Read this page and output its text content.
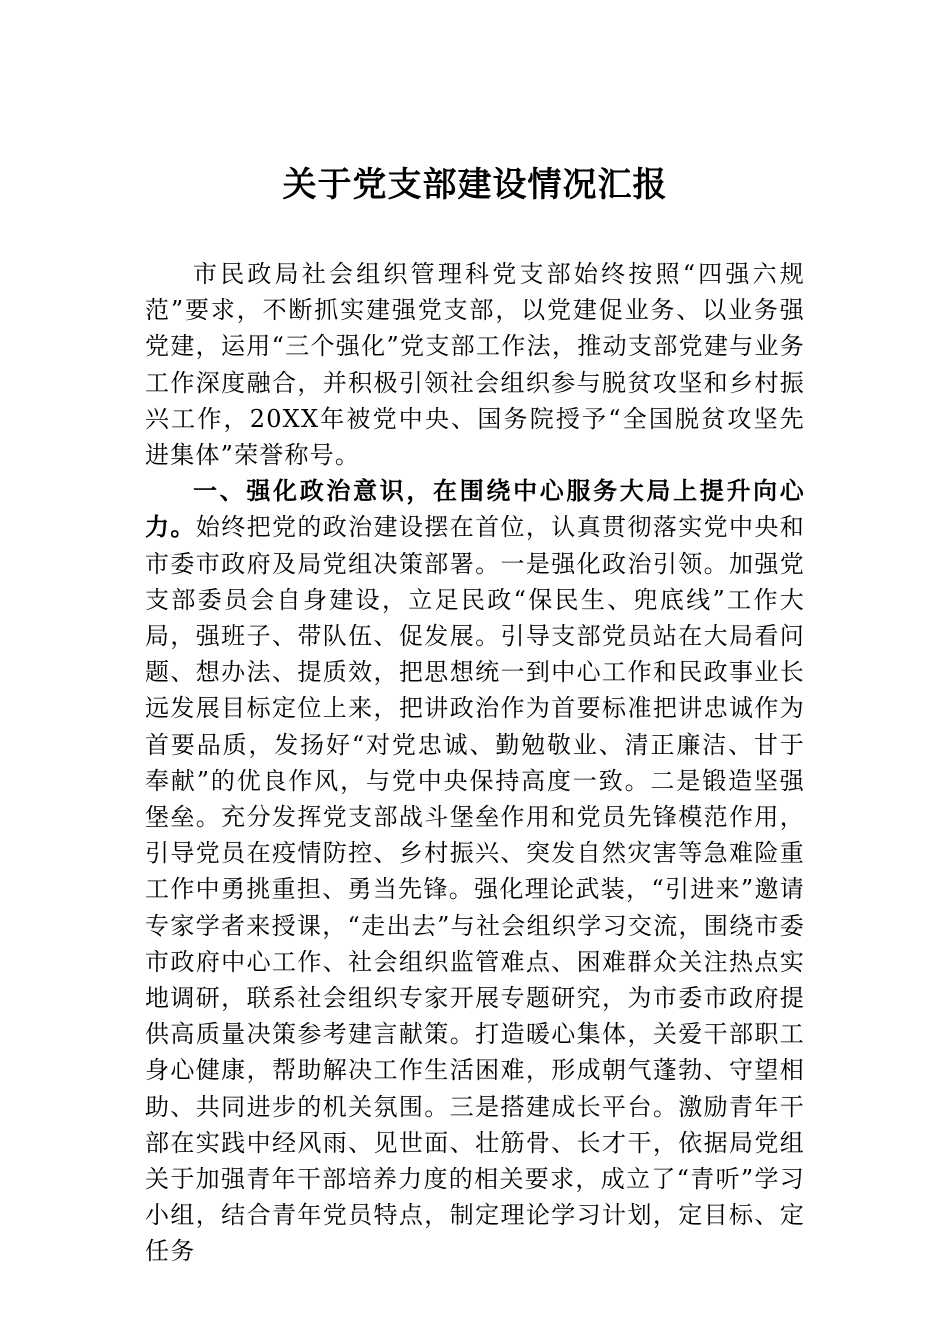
关于党支部建设情况汇报

市民政局社会组织管理科党支部始终按照“四强六规范”要求，不断抓实建强党支部，以党建促业务、以业务强党建，运用“三个强化”党支部工作法，推动支部党建与业务工作深度融合，并积极引领社会组织参与脱贫攻坚和乡村振兴工作，20XX年被党中央、国务院授予“全国脱贫攻坚先进集体”荣誉称号。

一、强化政治意识，在围绕中心服务大局上提升向心力。始终把党的政治建设摆在首位，认真贯彻落实党中央和市委市政府及局党组决策部署。一是强化政治引领。加强党支部委员会自身建设，立足民政“保民生、兜底线”工作大局，强班子、带队伍、促发展。引导支部党员站在大局看问题、想办法、提质效，把思想统一到中心工作和民政事业长远发展目标定位上来，把讲政治作为首要标准把讲忠诚作为首要品质，发扬好“对党忠诚、勤勉敬业、清正廉洁、甘于奉献”的优良作风，与党中央保持高度一致。二是锻造坚强堡垒。充分发挥党支部战斗堡垒作用和党员先锋模范作用，引导党员在疫情防控、乡村振兴、突发自然灾害等急难险重工作中勇挑重担、勇当先锋。强化理论武装，“引进来”邀请专家学者来授课，“走出去”与社会组织学习交流，围绕市委市政府中心工作、社会组织监管难点、困难群众关注热点实地调研，联系社会组织专家开展专题研究，为市委市政府提供高质量决策参考建言献策。打造暖心集体，关爱干部职工身心健康，帮助解决工作生活困难，形成朝气蓬勃、守望相助、共同进步的机关氛围。三是搭建成长平台。激励青年干部在实践中经风雨、见世面、壮筋骨、长才干，依据局党组关于加强青年干部培养力度的相关要求，成立了“青听”学习小组，结合青年党员特点，制定理论学习计划，定目标、定任务
